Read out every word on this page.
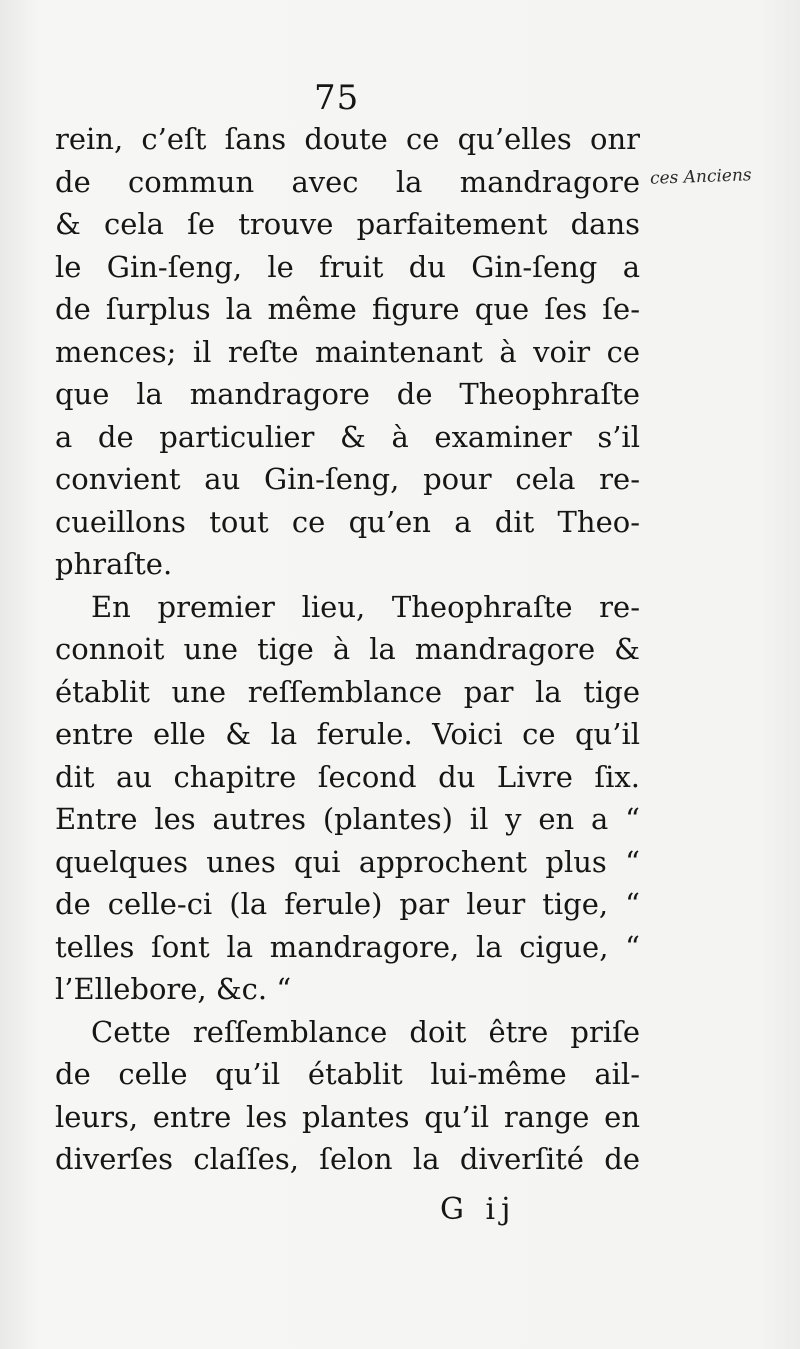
75
ces Anciens
rein, c’eſt ſans doute ce qu’elles onr
de commun avec la mandragore
& cela ſe trouve parfaitement dans
le Gin-ſeng, le fruit du Gin-ſeng a
de ſurplus la même figure que ſes ſe-
mences; il reſte maintenant à voir ce
que la mandragore de Theophraſte
a de particulier & à examiner s’il
convient au Gin-ſeng, pour cela re-
cueillons tout ce qu’en a dit Theo-
phraſte.
En premier lieu, Theophraſte re-
connoit une tige à la mandragore &
établit une reſſemblance par la tige
entre elle & la ferule. Voici ce qu’il
dit au chapitre ſecond du Livre ſix.
Entre les autres (plantes) il y en a “
quelques unes qui approchent plus “
de celle-ci (la ferule) par leur tige, “
telles ſont la mandragore, la cigue, “
l’Ellebore, &c. “
Cette reſſemblance doit être priſe
de celle qu’il établit lui-même ail-
leurs, entre les plantes qu’il range en
diverſes claſſes, ſelon la diverſité de
G ij
